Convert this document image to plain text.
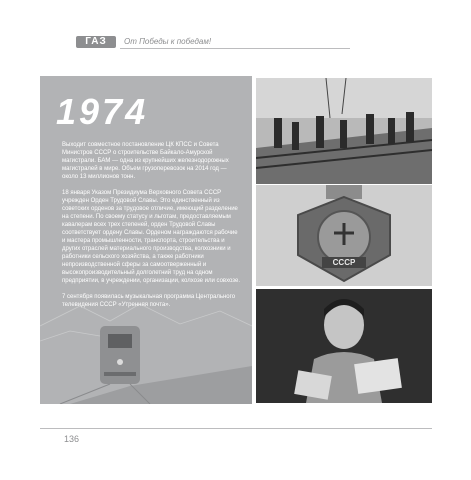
ГАЗ	От Победы к победам!
1974

Выходит совместное постановление ЦК КПСС и Совета Министров СССР о строительстве Байкало-Амурской магистрали. БАМ — одна из крупнейших железнодорожных магистралей в мире. Объем грузоперевозок на 2014 год — около 13 миллионов тонн.

18 января Указом Президиума Верховного Совета СССР учрежден Орден Трудовой Славы. Это единственный из советских орденов за трудовое отличие, имеющий разделение на степени. По своему статусу и льготам, предоставляемым кавалерам всех трех степеней, орден Трудовой Славы соответствует ордену Славы. Орденом награждаются рабочие и мастера промышленности, транспорта, строительства и других отраслей материального производства, колхозники и работники сельского хозяйства, а также работники непроизводственной сферы за самоотверженный и высокопроизводительный долголетний труд на одном предприятии, в учреждении, организации, колхозе или совхозе.

7 сентября появилась музыкальная программа Центрального телевидения СССР «Утренняя почта».

СССР
136
